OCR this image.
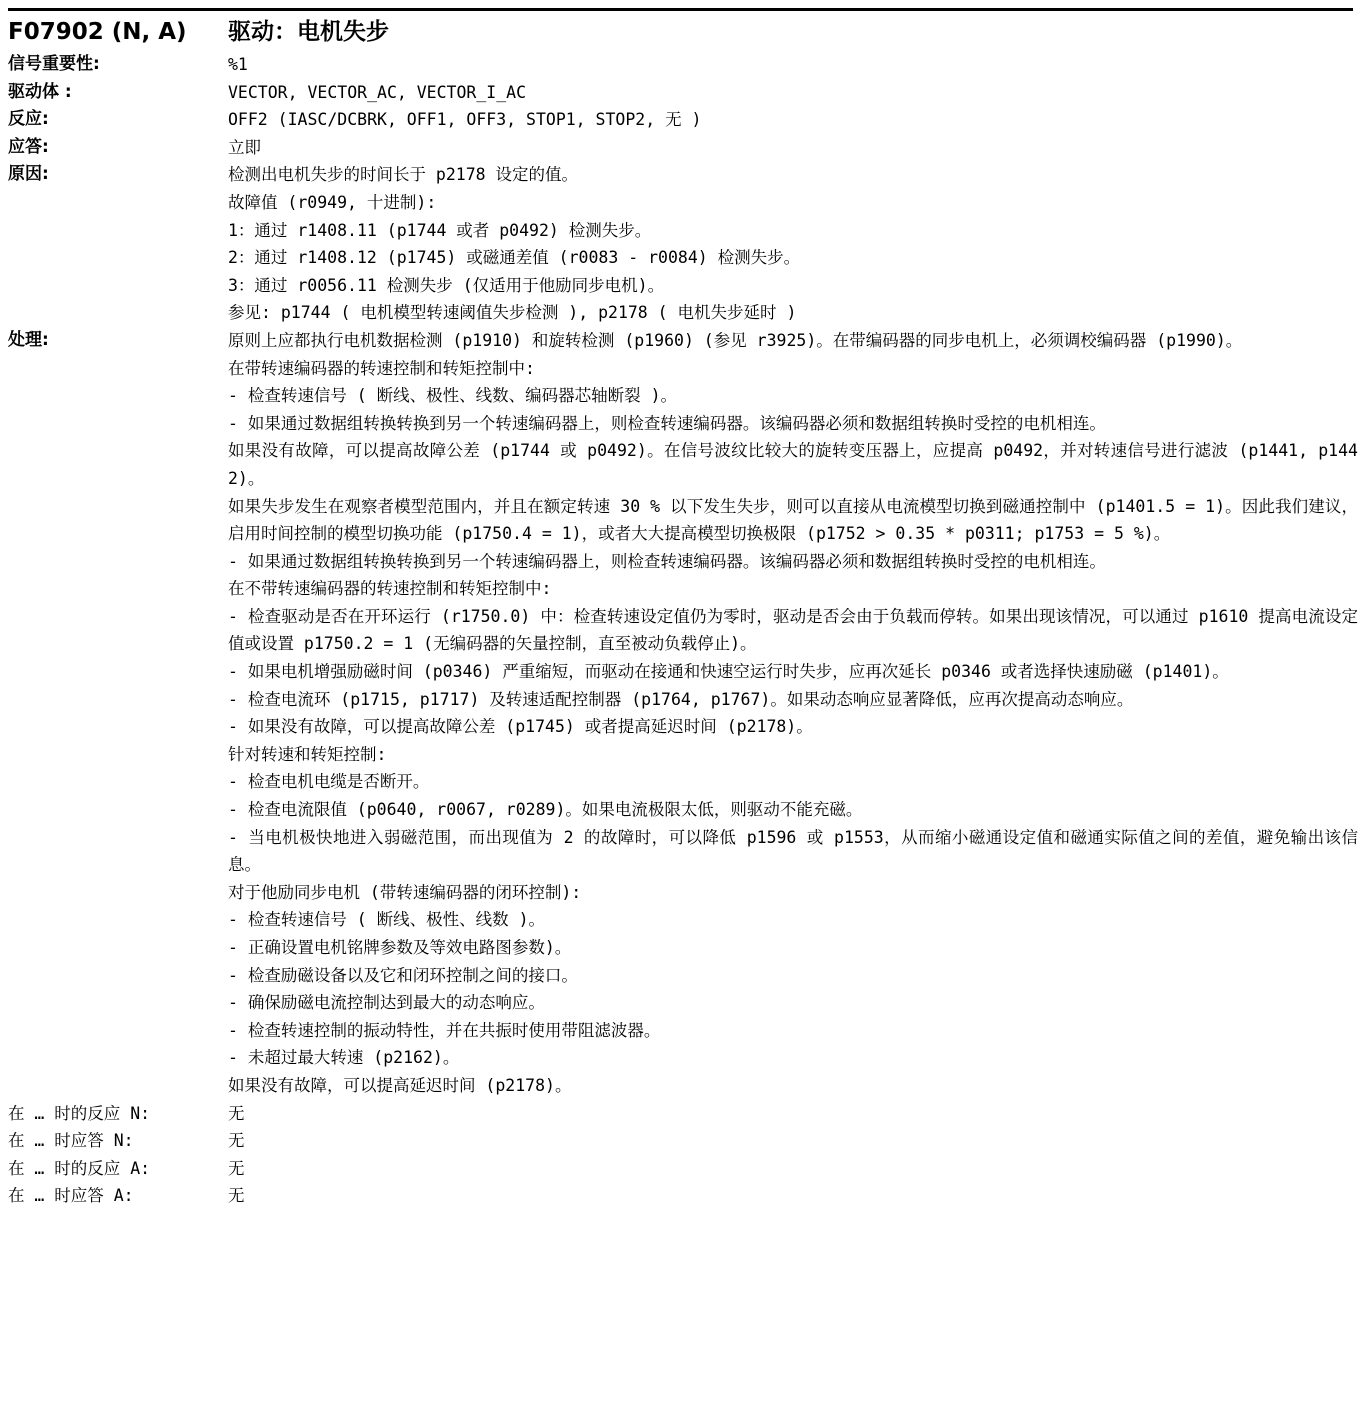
F07902 (N, A) 驱动：电机失步
信号重要性:	%1
驱动体 :	VECTOR, VECTOR_AC, VECTOR_I_AC
反应:	OFF2 (IASC/DCBRK, OFF1, OFF3, STOP1, STOP2, 无 )
应答:	立即
原因:	检测出电机失步的时间长于 p2178 设定的值。

故障值 (r0949, 十进制):

1：通过 r1408.11 (p1744 或者 p0492) 检测失步。

2：通过 r1408.12 (p1745) 或磁通差值 (r0083 - r0084) 检测失步。

3：通过 r0056.11 检测失步 (仅适用于他励同步电机)。

参见: p1744 ( 电机模型转速阈值失步检测 ), p2178 ( 电机失步延时 )

处理:	原则上应都执行电机数据检测 (p1910) 和旋转检测 (p1960) (参见 r3925)。在带编码器的同步电机上，必须调校编码器 (p1990)。

在带转速编码器的转速控制和转矩控制中:

- 检查转速信号 ( 断线、极性、线数、编码器芯轴断裂 )。

- 如果通过数据组转换转换到另一个转速编码器上，则检查转速编码器。该编码器必须和数据组转换时受控的电机相连。

如果没有故障，可以提高故障公差 (p1744 或 p0492)。在信号波纹比较大的旋转变压器上，应提高 p0492，并对转速信号进行滤波 (p1441, p1442)。

如果失步发生在观察者模型范围内，并且在额定转速 30 % 以下发生失步，则可以直接从电流模型切换到磁通控制中 (p1401.5 = 1)。因此我们建议，启用时间控制的模型切换功能 (p1750.4 = 1)，或者大大提高模型切换极限 (p1752 > 0.35 * p0311; p1753 = 5 %)。

- 如果通过数据组转换转换到另一个转速编码器上，则检查转速编码器。该编码器必须和数据组转换时受控的电机相连。

在不带转速编码器的转速控制和转矩控制中:

- 检查驱动是否在开环运行 (r1750.0) 中：检查转速设定值仍为零时，驱动是否会由于负载而停转。如果出现该情况，可以通过 p1610 提高电流设定值或设置 p1750.2 = 1 (无编码器的矢量控制，直至被动负载停止)。

- 如果电机增强励磁时间 (p0346) 严重缩短，而驱动在接通和快速空运行时失步，应再次延长 p0346 或者选择快速励磁 (p1401)。

- 检查电流环 (p1715, p1717) 及转速适配控制器 (p1764, p1767)。如果动态响应显著降低，应再次提高动态响应。

- 如果没有故障，可以提高故障公差 (p1745) 或者提高延迟时间 (p2178)。

针对转速和转矩控制:

- 检查电机电缆是否断开。

- 检查电流限值 (p0640, r0067, r0289)。如果电流极限太低，则驱动不能充磁。

- 当电机极快地进入弱磁范围，而出现值为 2 的故障时，可以降低 p1596 或 p1553，从而缩小磁通设定值和磁通实际值之间的差值，避免输出该信息。

对于他励同步电机 (带转速编码器的闭环控制):

- 检查转速信号 ( 断线、极性、线数 )。

- 正确设置电机铭牌参数及等效电路图参数)。

- 检查励磁设备以及它和闭环控制之间的接口。

- 确保励磁电流控制达到最大的动态响应。

- 检查转速控制的振动特性，并在共振时使用带阻滤波器。

- 未超过最大转速 (p2162)。

如果没有故障，可以提高延迟时间 (p2178)。

在 … 时的反应 N:	无
在 … 时应答 N:	无
在 … 时的反应 A:	无
在 … 时应答 A:	无
